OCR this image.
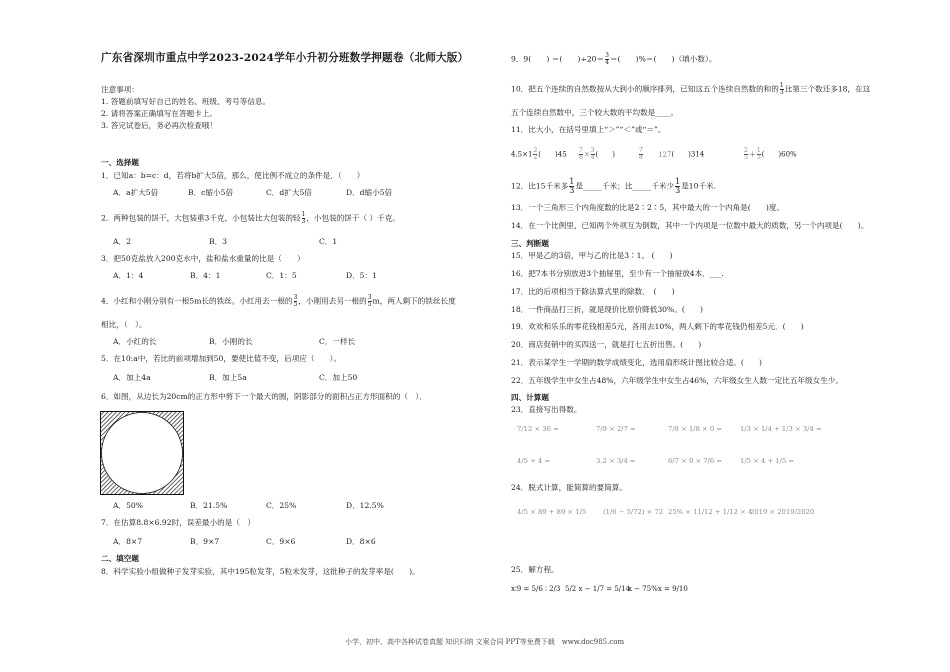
广东省深圳市重点中学2023-2024学年小升初分班数学押题卷（北师大版）
注意事项：
1. 答题前填写好自己的姓名、班级、考号等信息。
2. 请将答案正确填写在答题卡上。
3. 答完试卷后，务必再次检查哦！
一、选择题
1．已知a：b=c：d，若将b扩大5倍，那么，使比例不成立的条件是．（　　）
A．a扩大5倍	B．c缩小5倍	C．d扩大5倍	D．d缩小5倍
2．两种包装的饼干，大包装重3千克，小包装比大包装的轻 $\frac{1}{3}$ ，小包装的饼干（ ）千克。
A．2	B．3	C．1
3．把50克盐放入200克水中，盐和盐水重量的比是（　　）
A．1：4	B．4：1	C．1：5	D．5：1
4．小红和小刚分别有一根5m长的铁丝。小红用去一根的 $\frac{3}{5}$ ，小刚用去另一根的 $\frac{3}{5}$ m，两人剩下的铁丝长度
相比，（　）。
A．小红的长	B．小刚的长	C．一样长
5．在10:a中，若比的前项增加到50，要使比值不变，后项应（　　）。
A．加上4a	B．加上5a	C．加上50
6．如图，从边长为20cm的正方形中剪下一个最大的圆，阴影部分的面积占正方形面积的（　）．
A．50%	B．21.5%	C．25%	D．12.5%
7．在估算8.8×6.92时，误差最小的是（　）
A．8×7	B．9×7	C．9×6	D．8×6
二、填空题
8．科学实验小组做种子发芽实验，其中195粒发芽，5粒未发芽，这批种子的发芽率是(　　)。
9．9(　　) ＝(　　)$\div 20= \frac{3}{4}$ ＝(　　)%＝(　　)（填小数）。
10．把五个连续的自然数按从大到小的顺序排列，已知这五个连续自然数的和的 $\frac{1}{3}$ 比第三个数还多18，在这
五个连续自然数中，三个较大数的平均数是____。
11．比大小，在括号里填上“＞”“＜”或“＝”。
$4.5\times 1 \frac{2}{2}$ (　　)$45 \frac{7}{8} \times \frac{3}{4}$ (　　)	$\frac{7}{8} 127$(　　)314	$\frac{2}{5} + \frac{1}{5}$ (　　)60%
12．比15千米多 $\frac{1}{3}$ 是_____千米；比_____千米少 $\frac{1}{3}$ 是10千米.
13．一个三角形三个内角度数的比是2∶2∶5，其中最大的一个内角是(　　)度。
14．在一个比例里，已知两个外项互为倒数，其中一个内项是一位数中最大的质数，另一个内项是(　　)。
三、判断题
15．甲是乙的3倍，甲与乙的比是3∶1。 (　　)
16．把7本书分别放进3个抽屉里，至少有一个抽屉放4本．___.
17．比的后项相当于除法算式里的除数．　(　　)
18．一件商品打三折，就是现价比原价降低30%。(　　)
19．欢欢和乐乐的零花钱相差5元，各用去10%，两人剩下的零花钱仍相差5元．(　　)
20．商店促销中的买四送一，就是打七五折出售。(　　)
21．表示某学生一学期的数学成绩变化，选用扇形统计图比较合适。(　　)
22．五年级学生中女生占48%，六年级学生中女生占46%，六年级女生人数一定比五年级女生少。
四、计算题
23．直接写出得数。
7/12 × 36 =	7/9 × 2/7 =	7/8 × 1/8 × 0 =	1/3 × 1/4 + 1/3 × 3/4 =
4/5 + 4 =	3.2 × 3/4 =	6/7 × 9 × 7/6 =	1/5 × 4 + 1/5 =
24．脱式计算，能简算的要简算。
4/5 × 89 + 89 × 1/5 (1/6 − 5/72) × 72 25% × 11/12 + 1/12 × 4
2019 × 2019/2020
25．解方程。
x∶9 = 5/6 ∶ 2/3 5/2 x − 1/7 = 5/14
x − 75%x = 9/10
小学、初中、高中各种试卷真题 知识归纳 文案合同 PPT等免费下载　www.doc985.com
